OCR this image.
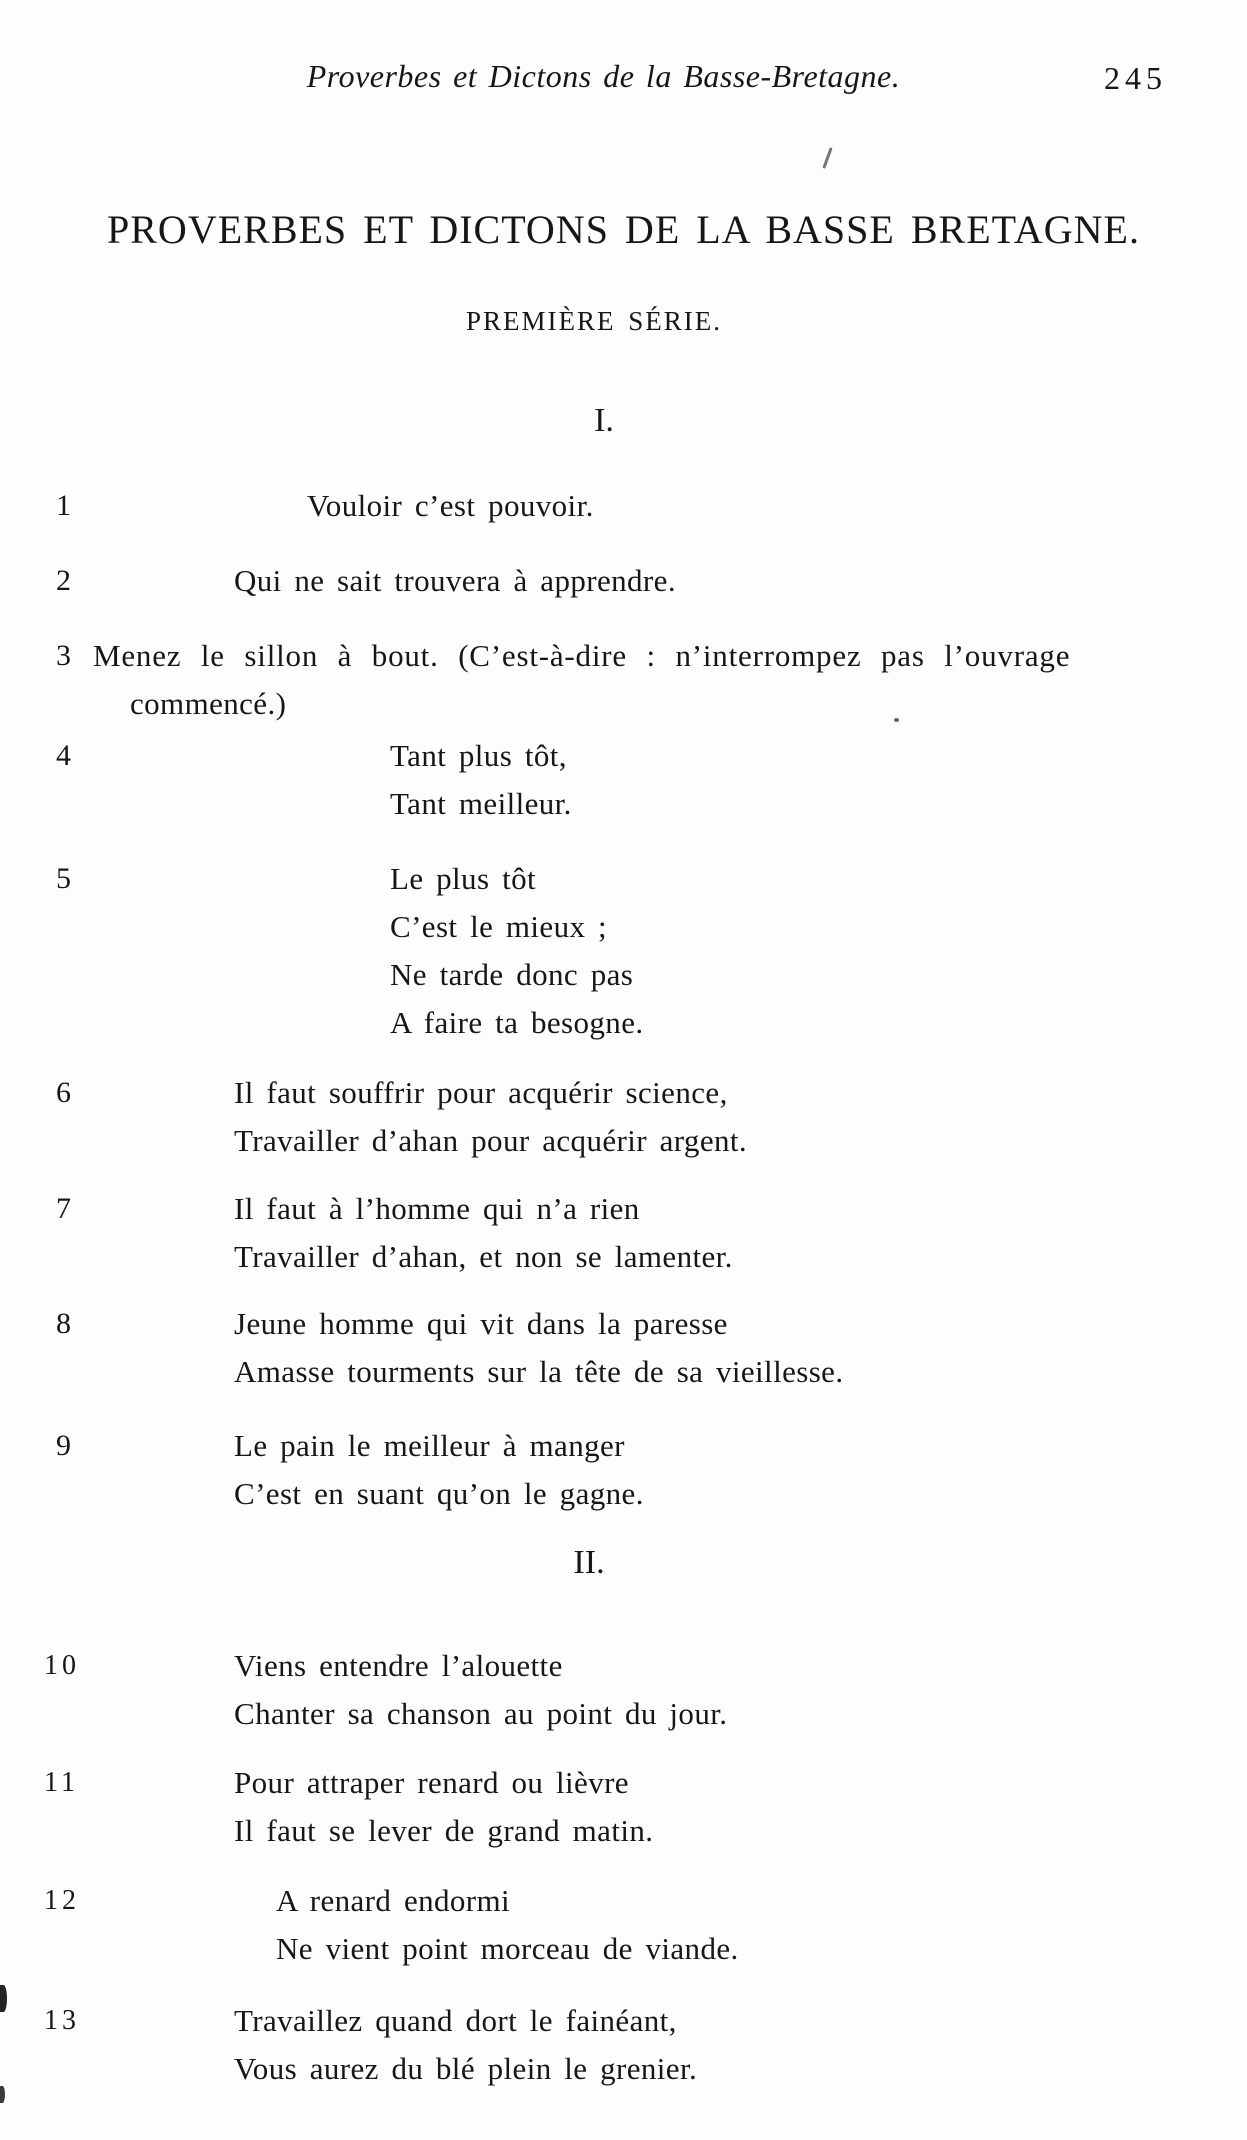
Proverbes et Dictons de la Basse-Bretagne.	245
PROVERBES ET DICTONS DE LA BASSE BRETAGNE.
PREMIÈRE SÉRIE.
I.
1	Vouloir c’est pouvoir.
2	Qui ne sait trouvera à apprendre.
3 Menez le sillon à bout. (C’est-à-dire : n’interrompez pas l’ouvrage
commencé.)
4	Tant plus tôt,
Tant meilleur.
5	Le plus tôt
C’est le mieux ;
Ne tarde donc pas
A faire ta besogne.
6	Il faut souffrir pour acquérir science,
Travailler d’ahan pour acquérir argent.
7	Il faut à l’homme qui n’a rien
Travailler d’ahan, et non se lamenter.
8	Jeune homme qui vit dans la paresse
Amasse tourments sur la tête de sa vieillesse.
9	Le pain le meilleur à manger
C’est en suant qu’on le gagne.
II.
10	Viens entendre l’alouette
Chanter sa chanson au point du jour.
11	Pour attraper renard ou lièvre
Il faut se lever de grand matin.
12	A renard endormi
Ne vient point morceau de viande.
13	Travaillez quand dort le fainéant,
Vous aurez du blé plein le grenier.
